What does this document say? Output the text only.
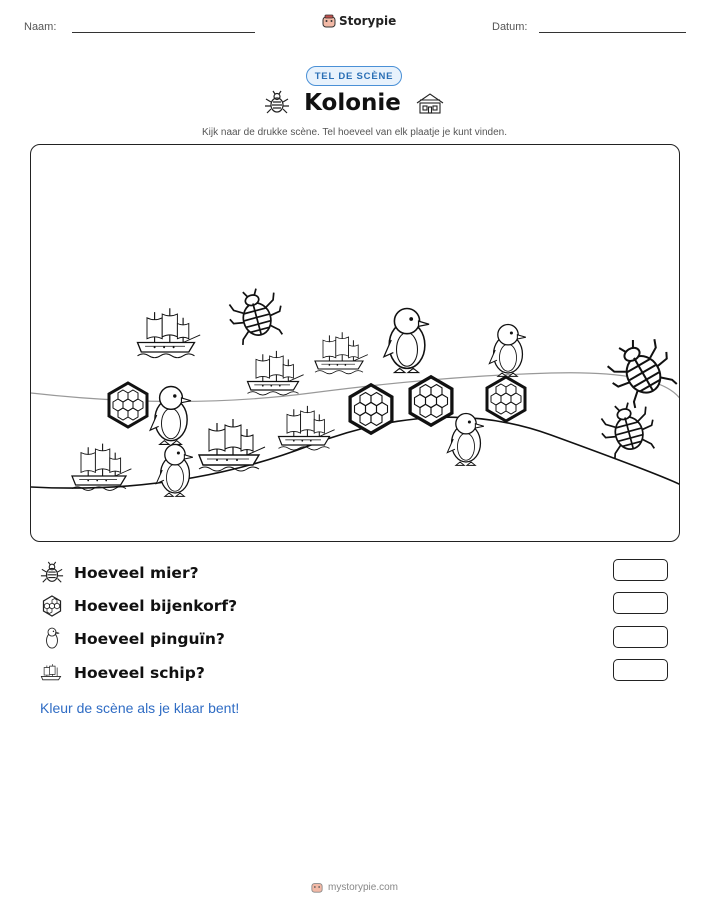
Naam:	Storypie	Datum:
TEL DE SCÈNE
Kolonie
Kijk naar de drukke scène. Tel hoeveel van elk plaatje je kunt vinden.
Hoeveel mier?
Hoeveel bijenkorf?
Hoeveel pinguïn?
Hoeveel schip?
Kleur de scène als je klaar bent!
mystorypie.com
